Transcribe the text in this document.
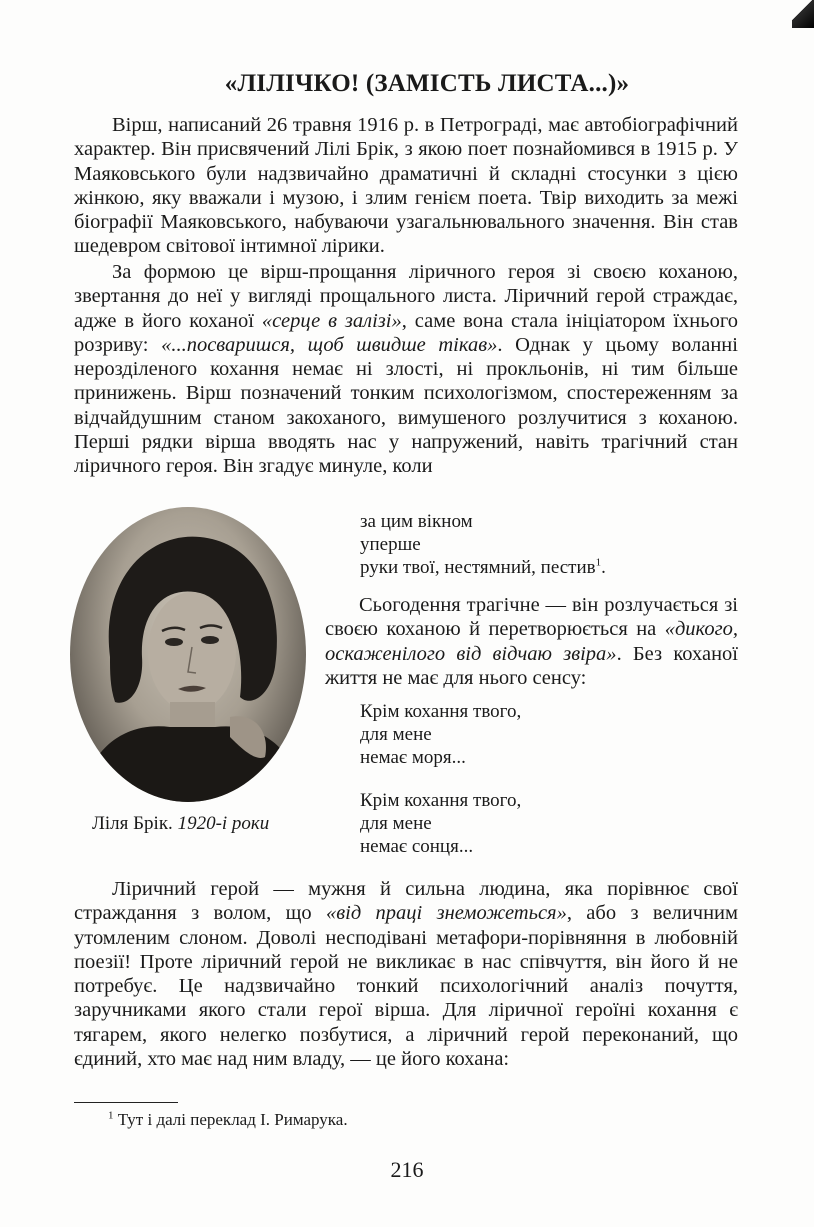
«ЛІЛІЧКО! (ЗАМІСТЬ ЛИСТА...)»
Вірш, написаний 26 травня 1916 р. в Петрограді, має автобіографічний характер. Він присвячений Лілі Брік, з якою поет познайомився в 1915 р. У Маяковського були надзвичайно драматичні й складні стосунки з цією жінкою, яку вважали і музою, і злим генієм поета. Твір виходить за межі біографії Маяковського, набуваючи узагальнювального значення. Він став шедевром світової інтимної лірики.
За формою це вірш-прощання ліричного героя зі своєю коханою, звертання до неї у вигляді прощального листа. Ліричний герой страждає, адже в його коханої «серце в залізі», саме вона стала ініціатором їхнього розриву: «...посваришся, щоб швидше тікав». Однак у цьому воланні нерозділеного кохання немає ні злості, ні прокльонів, ні тим більше принижень. Вірш позначений тонким психологізмом, спостереженням за відчайдушним станом закоханого, вимушеного розлучитися з коханою. Перші рядки вірша вводять нас у напружений, навіть трагічний стан ліричного героя. Він згадує минуле, коли
Ліля Брік. 1920-і роки
за цим вікном
уперше
руки твої, нестямний, пестив$^1$.
Сьогодення трагічне — він розлучається зі своєю коханою й перетворюється на «дикого, оскаженілого від відчаю звіра». Без коханої життя не має для нього сенсу:
Крім кохання твого,
для мене
немає моря...
Крім кохання твого,
для мене
немає сонця...
Ліричний герой — мужня й сильна людина, яка порівнює свої страждання з волом, що «від праці знеможеться», або з величним утомленим слоном. Доволі несподівані метафори-порівняння в любовній поезії! Проте ліричний герой не викликає в нас співчуття, він його й не потребує. Це надзвичайно тонкий психологічний аналіз почуття, заручниками якого стали герої вірша. Для ліричної героїні кохання є тягарем, якого нелегко позбутися, а ліричний герой переконаний, що єдиний, хто має над ним владу, — це його кохана:
$^1$ Тут і далі переклад І. Римарука.
216
